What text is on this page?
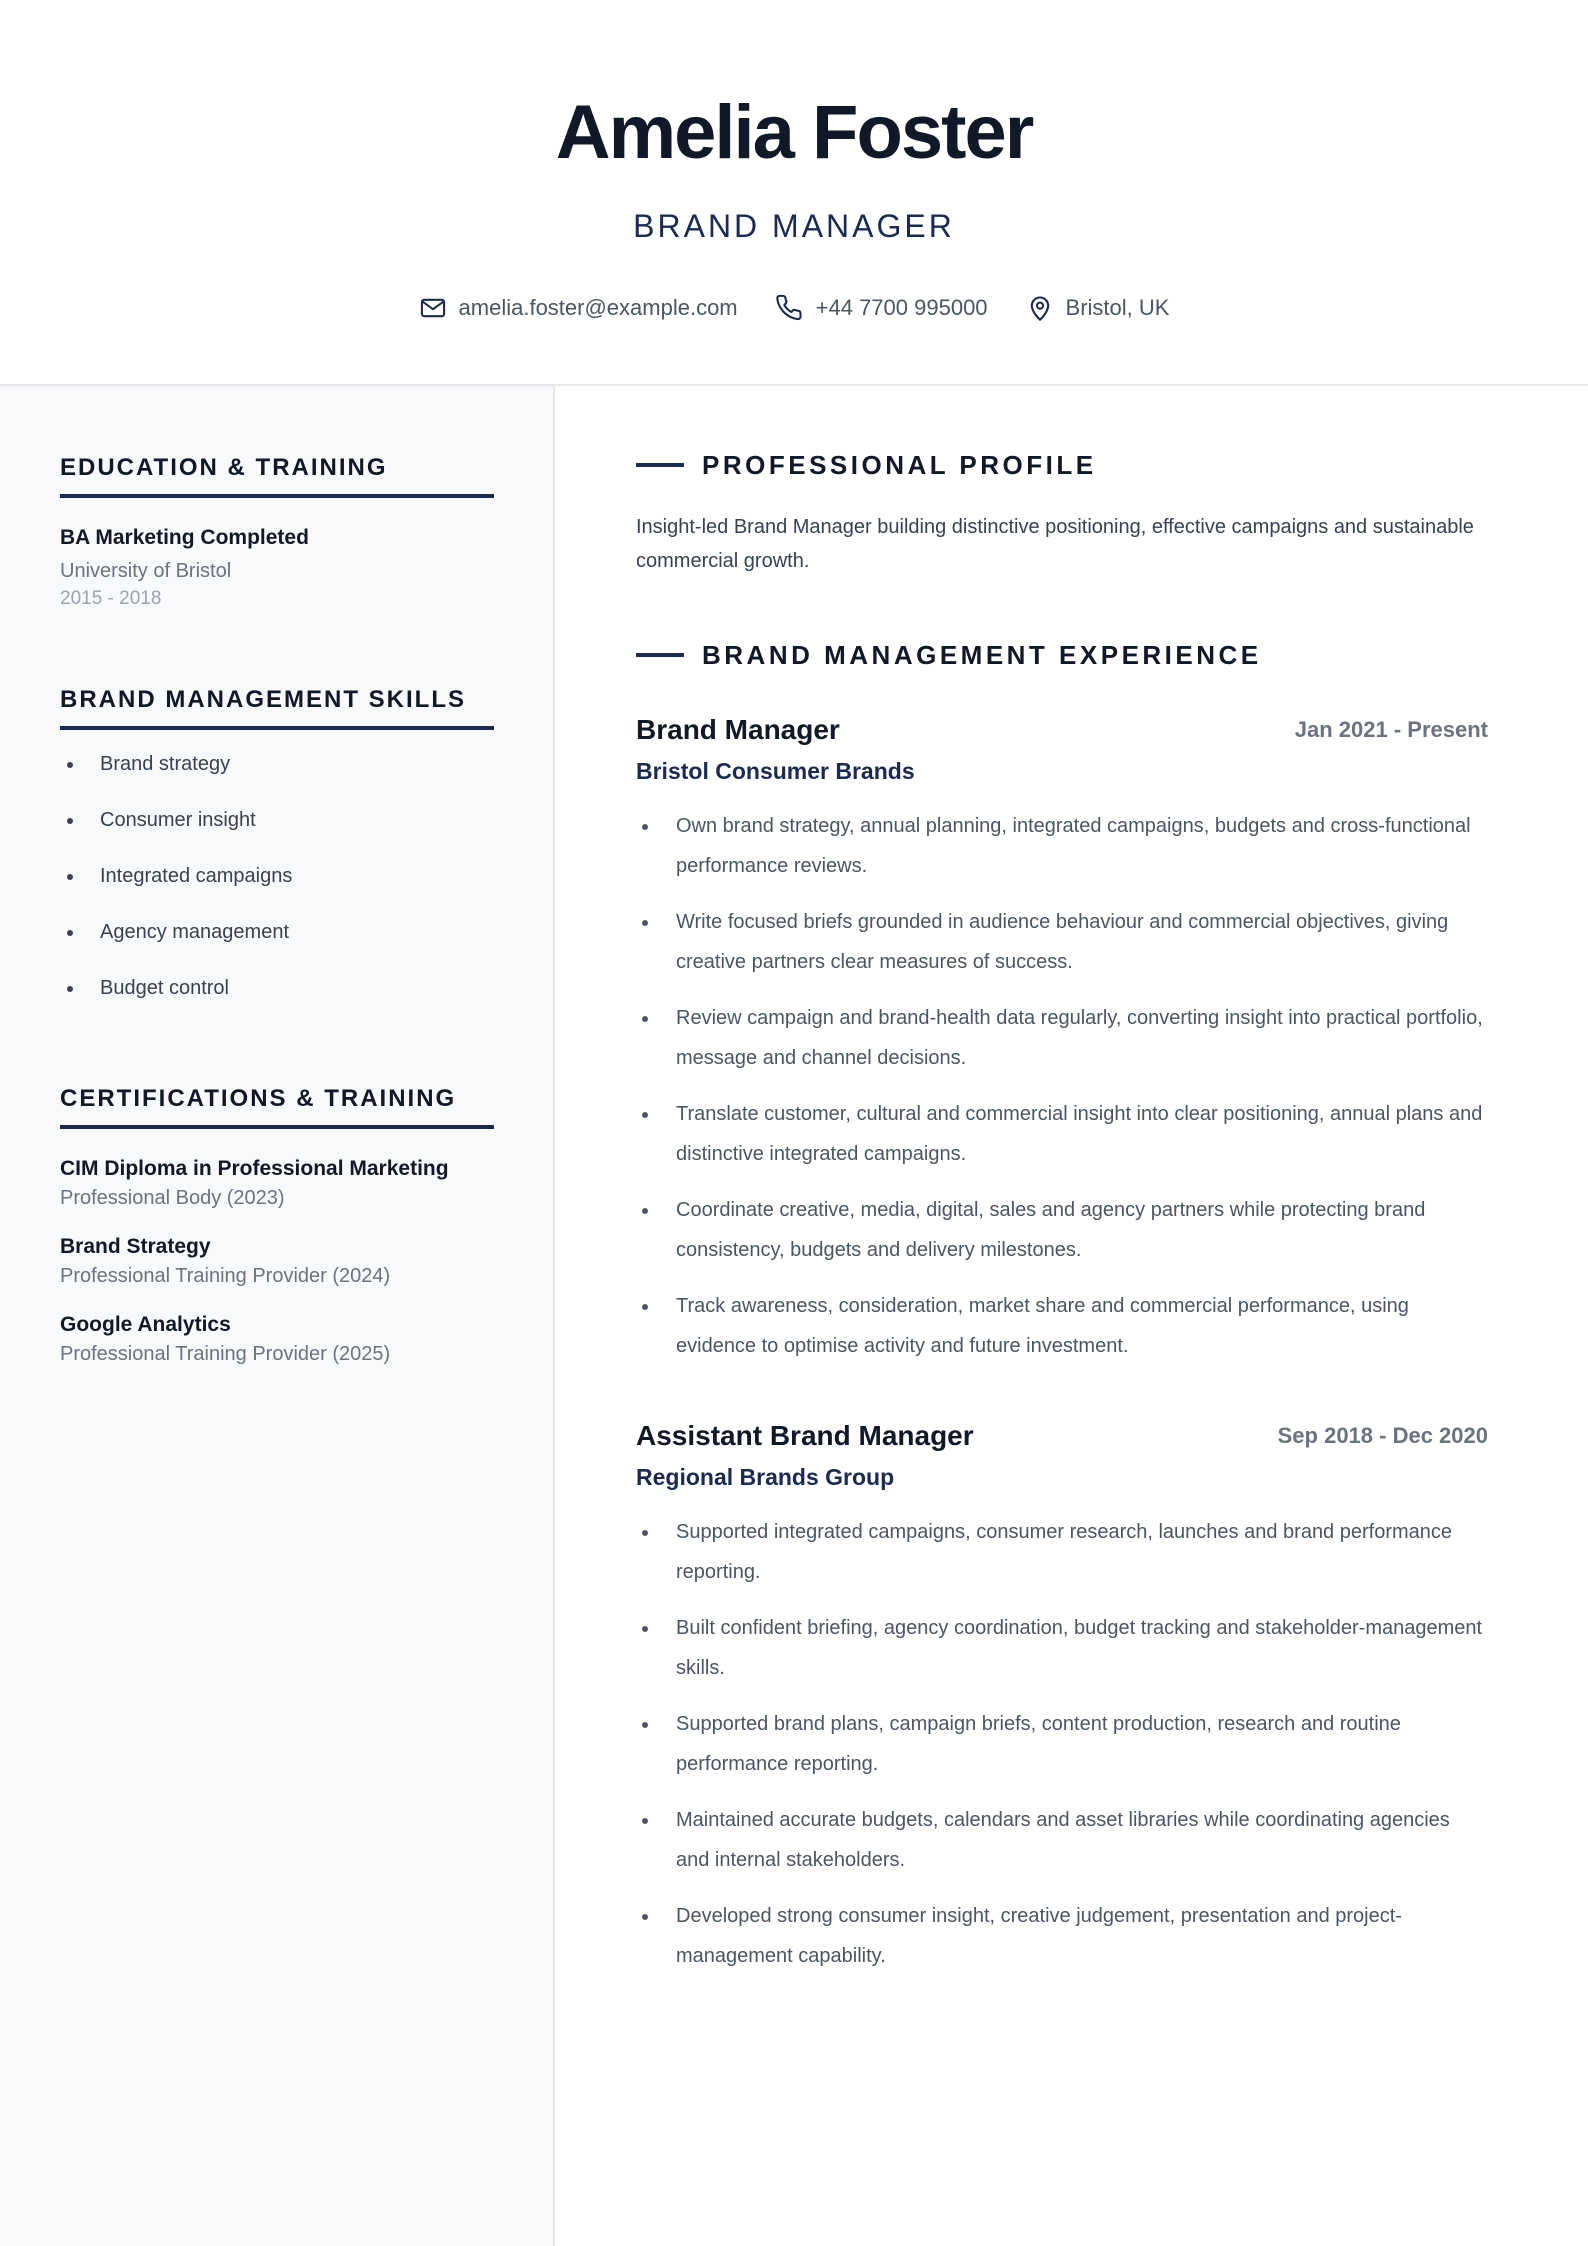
Amelia Foster
BRAND MANAGER
amelia.foster@example.com	+44 7700 995000	Bristol, UK
EDUCATION & TRAINING
BA Marketing Completed
University of Bristol
2015 - 2018
BRAND MANAGEMENT SKILLS
Brand strategy
Consumer insight
Integrated campaigns
Agency management
Budget control
CERTIFICATIONS & TRAINING
CIM Diploma in Professional Marketing
Professional Body (2023)
Brand Strategy
Professional Training Provider (2024)
Google Analytics
Professional Training Provider (2025)
PROFESSIONAL PROFILE
Insight-led Brand Manager building distinctive positioning, effective campaigns and sustainable commercial growth.
BRAND MANAGEMENT EXPERIENCE
Brand Manager	Jan 2021 - Present
Bristol Consumer Brands
Own brand strategy, annual planning, integrated campaigns, budgets and cross-functional performance reviews.
Write focused briefs grounded in audience behaviour and commercial objectives, giving creative partners clear measures of success.
Review campaign and brand-health data regularly, converting insight into practical portfolio, message and channel decisions.
Translate customer, cultural and commercial insight into clear positioning, annual plans and distinctive integrated campaigns.
Coordinate creative, media, digital, sales and agency partners while protecting brand consistency, budgets and delivery milestones.
Track awareness, consideration, market share and commercial performance, using evidence to optimise activity and future investment.
Assistant Brand Manager	Sep 2018 - Dec 2020
Regional Brands Group
Supported integrated campaigns, consumer research, launches and brand performance reporting.
Built confident briefing, agency coordination, budget tracking and stakeholder-management skills.
Supported brand plans, campaign briefs, content production, research and routine performance reporting.
Maintained accurate budgets, calendars and asset libraries while coordinating agencies and internal stakeholders.
Developed strong consumer insight, creative judgement, presentation and project-management capability.
